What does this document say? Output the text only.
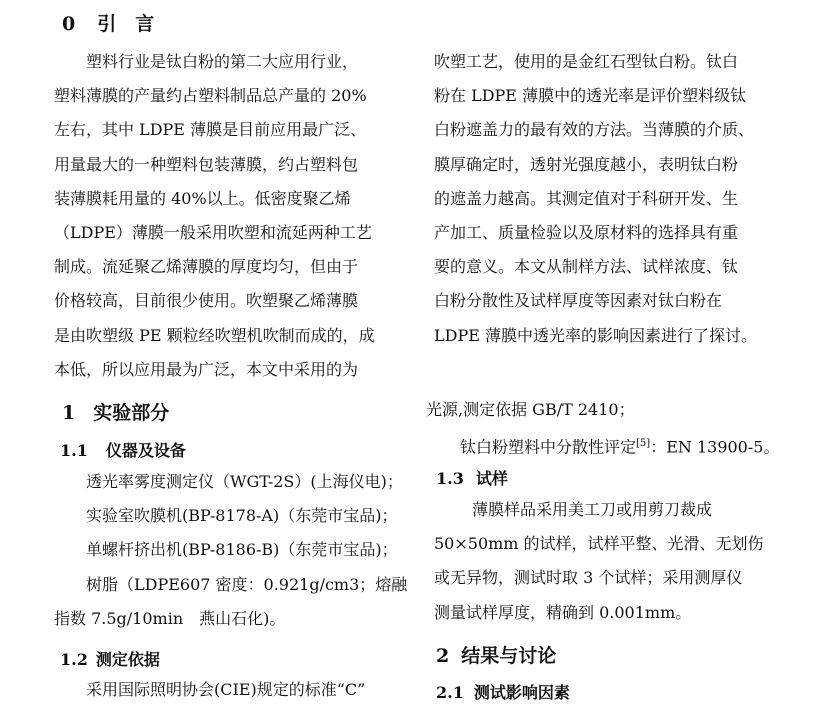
0 引　言
塑料行业是钛白粉的第二大应用行业，
塑料薄膜的产量约占塑料制品总产量的 20%
左右，其中 LDPE 薄膜是目前应用最广泛、
用量最大的一种塑料包装薄膜，约占塑料包
装薄膜耗用量的 40%以上。低密度聚乙烯
（LDPE）薄膜一般采用吹塑和流延两种工艺
制成。流延聚乙烯薄膜的厚度均匀，但由于
价格较高，目前很少使用。吹塑聚乙烯薄膜
是由吹塑级 PE 颗粒经吹塑机吹制而成的，成
本低，所以应用最为广泛，本文中采用的为
1 实验部分
1.1 仪器及设备
透光率雾度测定仪（WGT-2S）(上海仪电)；
实验室吹膜机(BP-8178-A)（东莞市宝品)；
单螺杆挤出机(BP-8186-B)（东莞市宝品)；
树脂（LDPE607 密度：0.921g/cm3；熔融
指数 7.5g/10min　燕山石化)。
1.2 测定依据
采用国际照明协会(CIE)规定的标准“C”
吹塑工艺，使用的是金红石型钛白粉。钛白
粉在 LDPE 薄膜中的透光率是评价塑料级钛
白粉遮盖力的最有效的方法。当薄膜的介质、
膜厚确定时，透射光强度越小，表明钛白粉
的遮盖力越高。其测定值对于科研开发、生
产加工、质量检验以及原材料的选择具有重
要的意义。本文从制样方法、试样浓度、钛
白粉分散性及试样厚度等因素对钛白粉在
LDPE 薄膜中透光率的影响因素进行了探讨。
光源,测定依据 GB/T 2410；
钛白粉塑料中分散性评定[5]：EN 13900-5。
1.3 试样
薄膜样品采用美工刀或用剪刀裁成
50×50mm 的试样，试样平整、光滑、无划伤
或无异物，测试时取 3 个试样；采用测厚仪
测量试样厚度，精确到 0.001mm。
2 结果与讨论
2.1 测试影响因素
